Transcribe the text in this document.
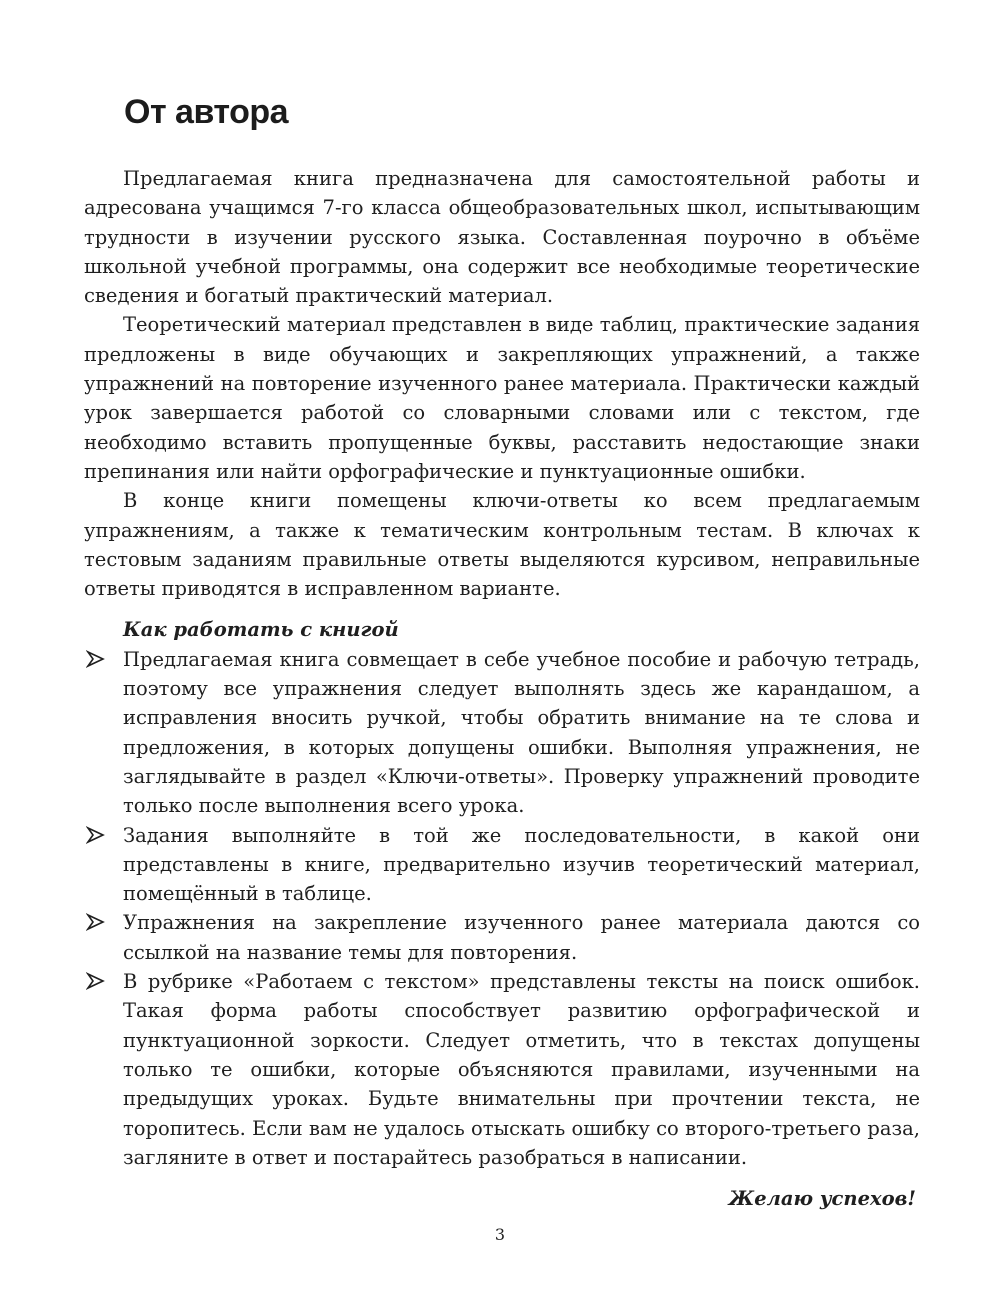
От автора

Предлагаемая книга предназначена для самостоятельной работы и адресована учащимся 7-го класса общеобразовательных школ, испытывающим трудности в изучении русского языка. Составленная поурочно в объёме школьной учебной программы, она содержит все необходимые теоретические сведения и богатый практический материал.

Теоретический материал представлен в виде таблиц, практические задания предложены в виде обучающих и закрепляющих упражнений, а также упражнений на повторение изученного ранее материала. Практически каждый урок завершается работой со словарными словами или с текстом, где необходимо вставить пропущенные буквы, расставить недостающие знаки препинания или найти орфографические и пунктуационные ошибки.

В конце книги помещены ключи-ответы ко всем предлагаемым упражнениям, а также к тематическим контрольным тестам. В ключах к тестовым заданиям правильные ответы выделяются курсивом, неправильные ответы приводятся в исправленном варианте.

Как работать с книгой

Предлагаемая книга совмещает в себе учебное пособие и рабочую тетрадь, поэтому все упражнения следует выполнять здесь же карандашом, а исправления вносить ручкой, чтобы обратить внимание на те слова и предложения, в которых допущены ошибки. Выполняя упражнения, не заглядывайте в раздел «Ключи-ответы». Проверку упражнений проводите только после выполнения всего урока.
Задания выполняйте в той же последовательности, в какой они представлены в книге, предварительно изучив теоретический материал, помещённый в таблице.
Упражнения на закрепление изученного ранее материала даются со ссылкой на название темы для повторения.
В рубрике «Работаем с текстом» представлены тексты на поиск ошибок. Такая форма работы способствует развитию орфографической и пунктуационной зоркости. Следует отметить, что в текстах допущены только те ошибки, которые объясняются правилами, изученными на предыдущих уроках. Будьте внимательны при прочтении текста, не торопитесь. Если вам не удалось отыскать ошибку со второго-третьего раза, загляните в ответ и постарайтесь разобраться в написании.

Желаю успехов!

3
